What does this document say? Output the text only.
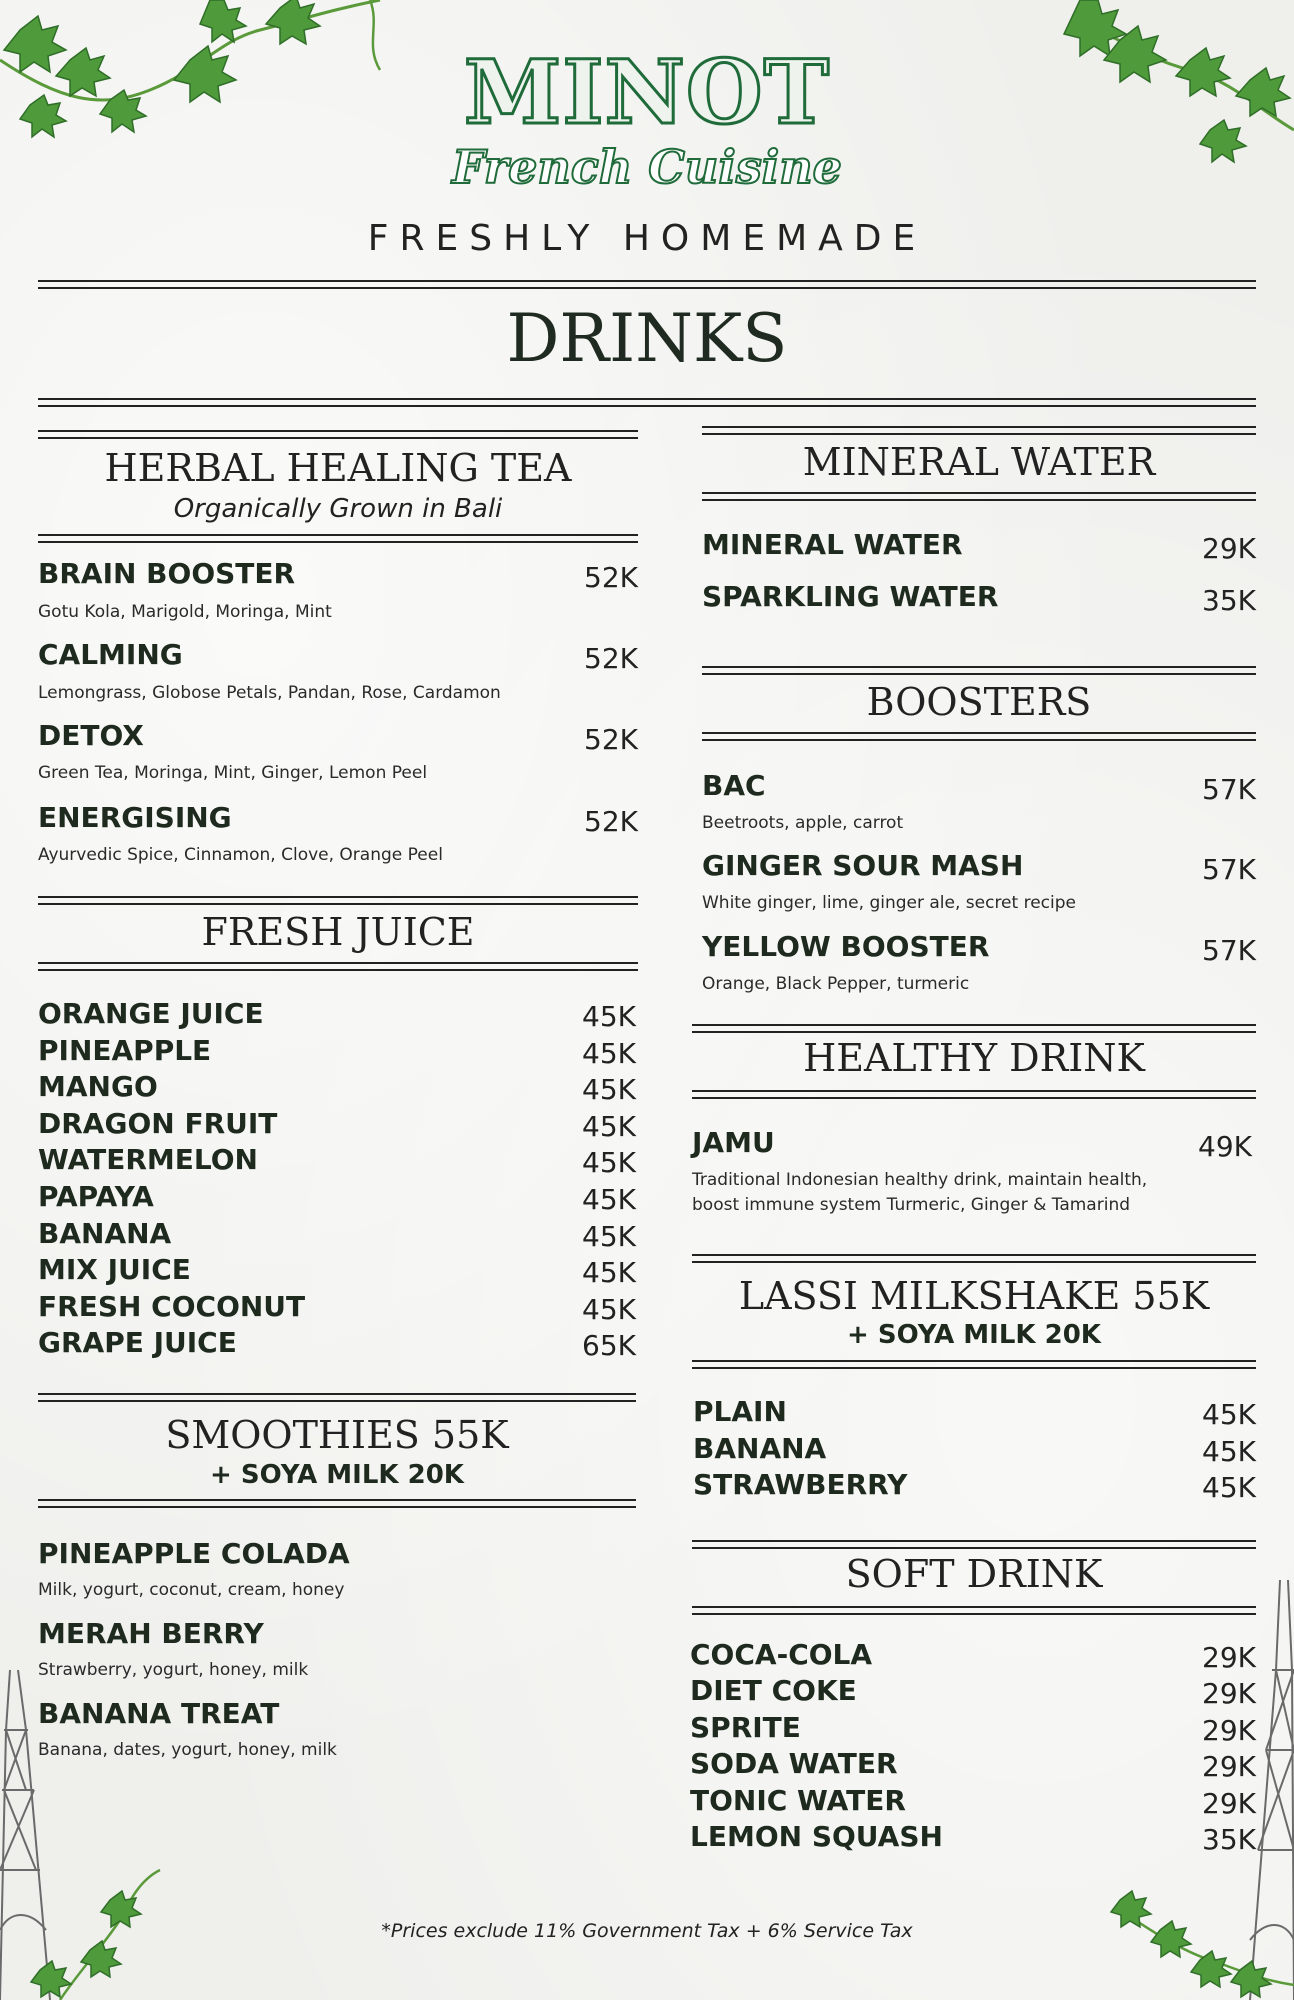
MINOT
French Cuisine
FRESHLY HOMEMADE
DRINKS
HERBAL HEALING TEA
Organically Grown in Bali
BRAIN BOOSTER	52K
Gotu Kola, Marigold, Moringa, Mint
CALMING	52K
Lemongrass, Globose Petals, Pandan, Rose, Cardamon
DETOX	52K
Green Tea, Moringa, Mint, Ginger, Lemon Peel
ENERGISING	52K
Ayurvedic Spice, Cinnamon, Clove, Orange Peel
FRESH JUICE
ORANGE JUICE	45K
PINEAPPLE	45K
MANGO	45K
DRAGON FRUIT	45K
WATERMELON	45K
PAPAYA	45K
BANANA	45K
MIX JUICE	45K
FRESH COCONUT	45K
GRAPE JUICE	65K
SMOOTHIES 55K
+ SOYA MILK 20K
PINEAPPLE COLADA
Milk, yogurt, coconut, cream, honey
MERAH BERRY
Strawberry, yogurt, honey, milk
BANANA TREAT
Banana, dates, yogurt, honey, milk
MINERAL WATER
MINERAL WATER	29K
SPARKLING WATER	35K
BOOSTERS
BAC	57K
Beetroots, apple, carrot
GINGER SOUR MASH	57K
White ginger, lime, ginger ale, secret recipe
YELLOW BOOSTER	57K
Orange, Black Pepper, turmeric
HEALTHY DRINK
JAMU	49K
Traditional Indonesian healthy drink, maintain health,
boost immune system Turmeric, Ginger & Tamarind
LASSI MILKSHAKE 55K
+ SOYA MILK 20K
PLAIN	45K
BANANA	45K
STRAWBERRY	45K
SOFT DRINK
COCA-COLA	29K
DIET COKE	29K
SPRITE	29K
SODA WATER	29K
TONIC WATER	29K
LEMON SQUASH	35K
*Prices exclude 11% Government Tax + 6% Service Tax
